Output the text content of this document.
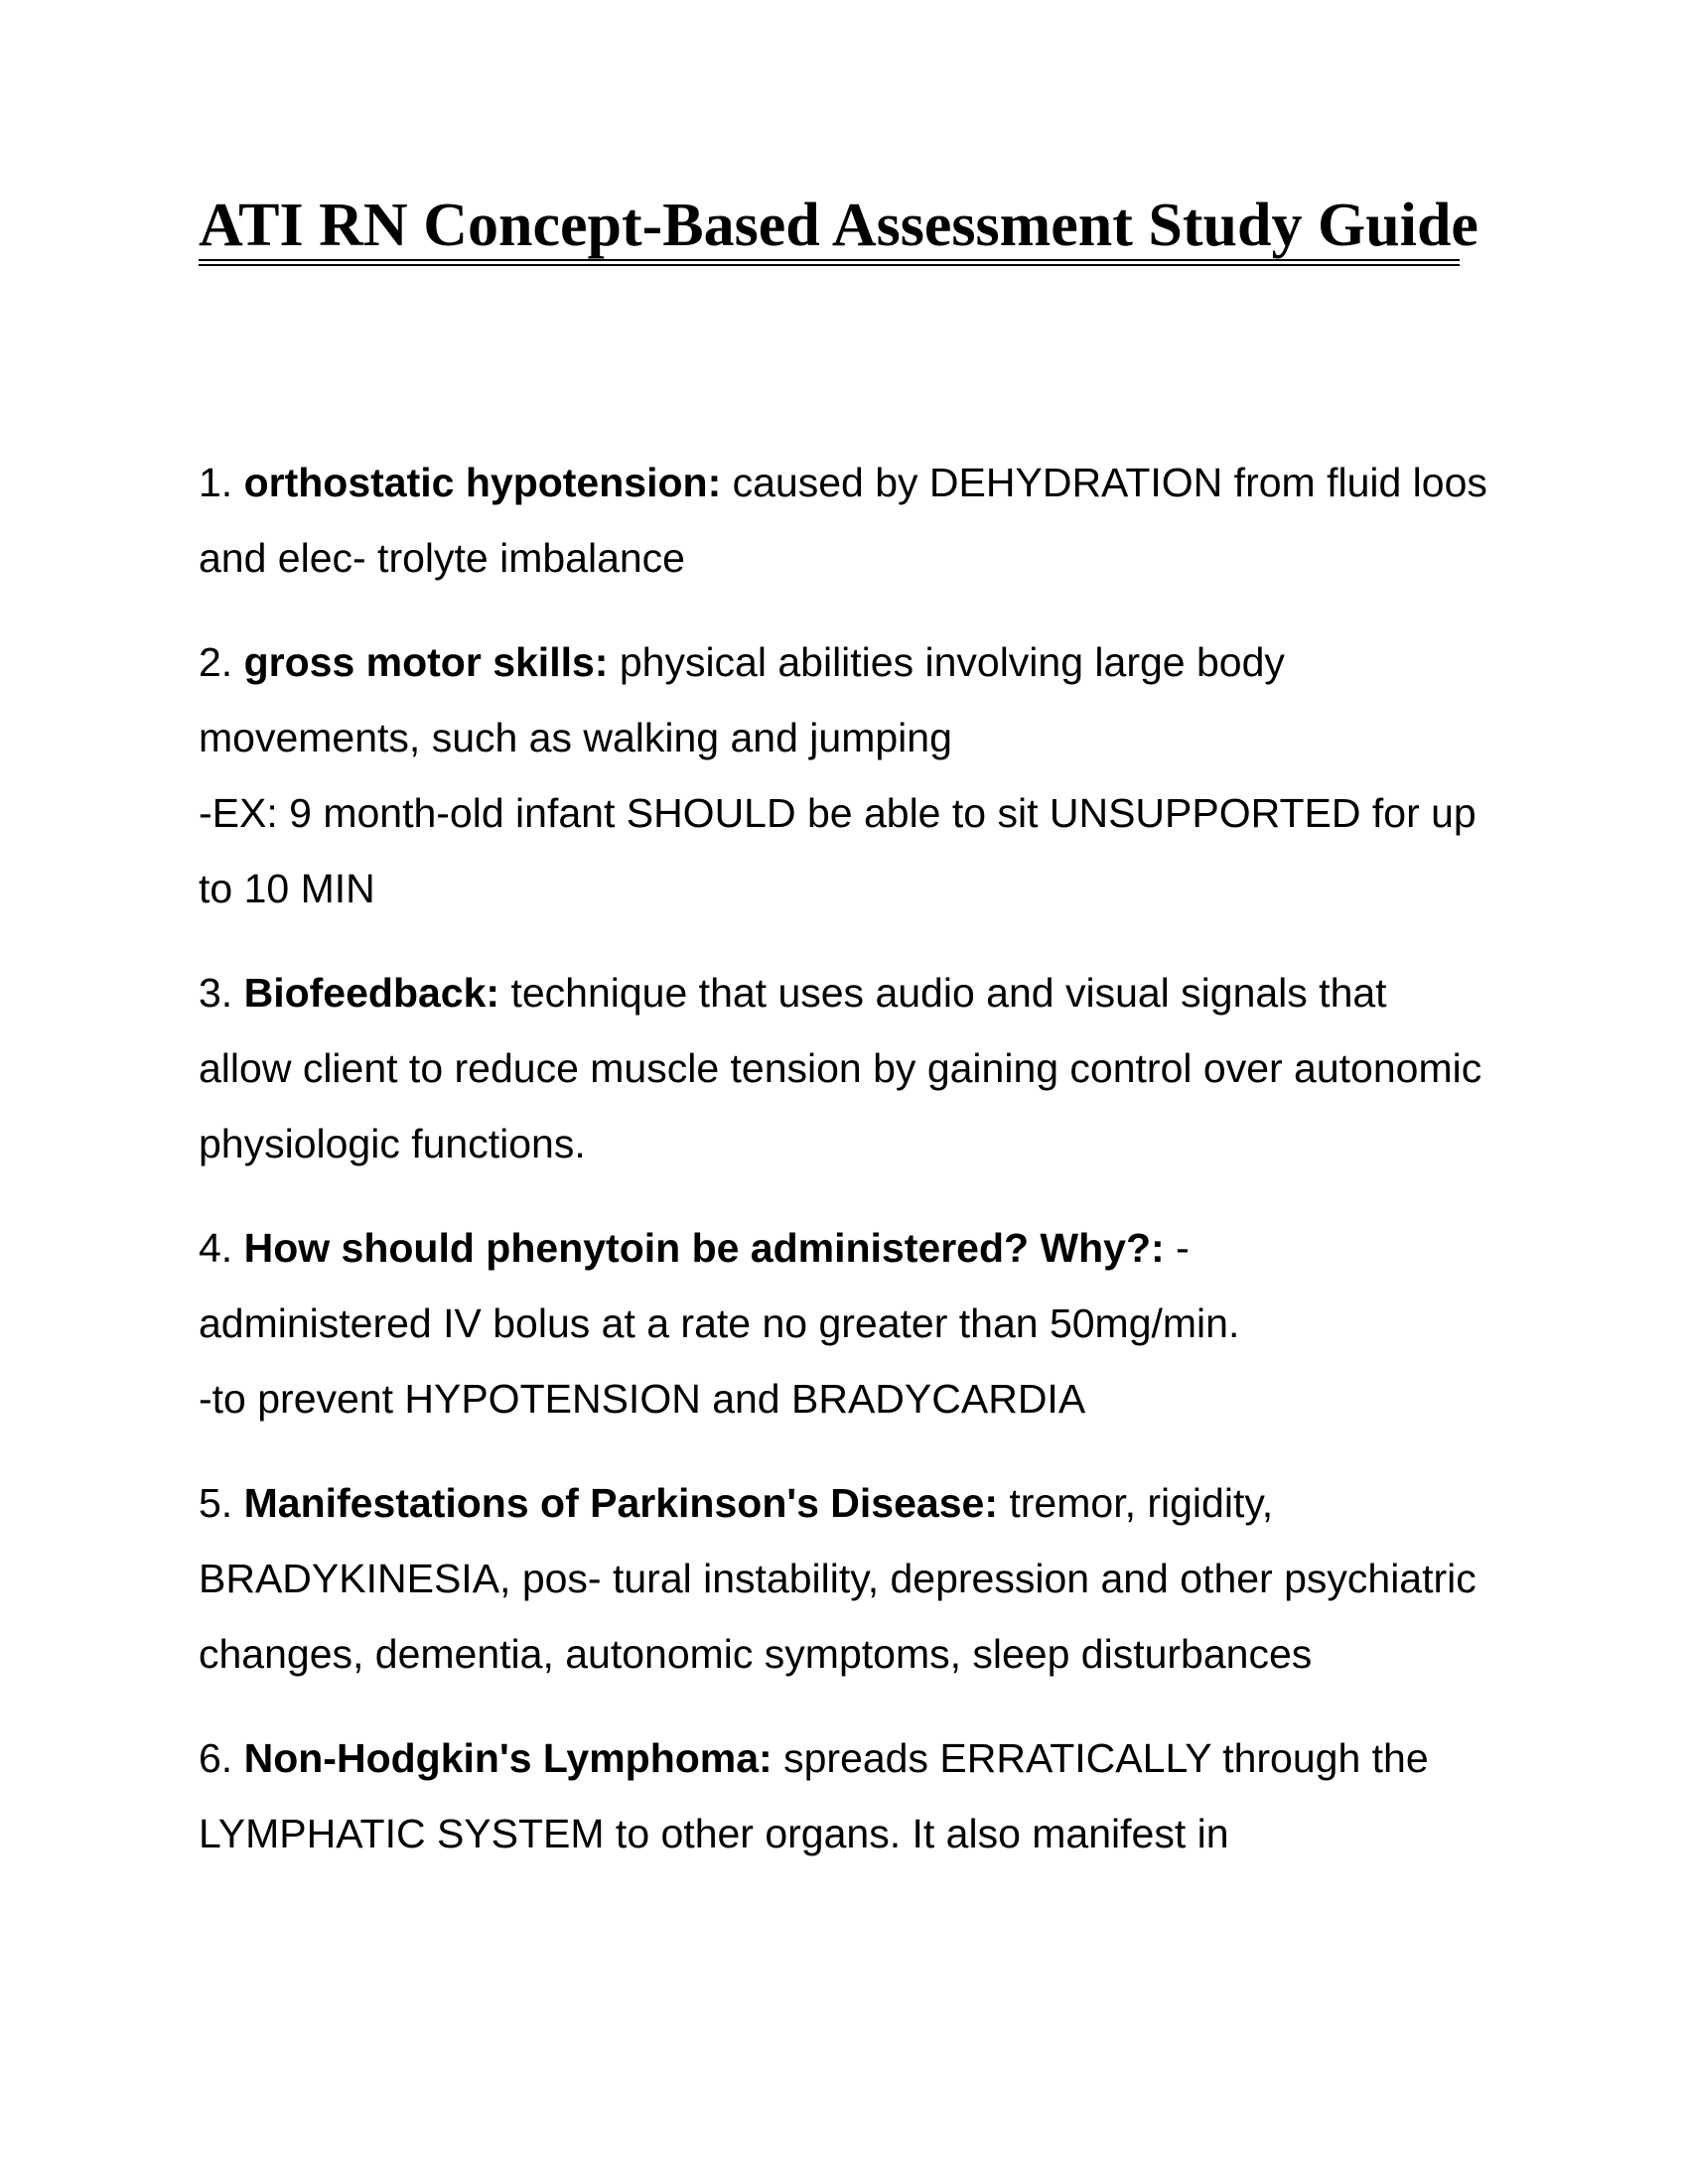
ATI RN Concept-Based Assessment Study Guide

1. orthostatic hypotension: caused by DEHYDRATION from fluid loos and elec- trolyte imbalance

2. gross motor skills: physical abilities involving large body movements, such as walking and jumping

-EX: 9 month-old infant SHOULD be able to sit UNSUPPORTED for up to 10 MIN

3. Biofeedback: technique that uses audio and visual signals that allow client to reduce muscle tension by gaining control over autonomic physiologic functions.

4. How should phenytoin be administered? Why?: -

administered IV bolus at a rate no greater than 50mg/min.

-to prevent HYPOTENSION and BRADYCARDIA

5. Manifestations of Parkinson's Disease: tremor, rigidity, BRADYKINESIA, pos- tural instability, depression and other psychiatric changes, dementia, autonomic symptoms, sleep disturbances

6. Non-Hodgkin's Lymphoma: spreads ERRATICALLY through the LYMPHATIC SYSTEM to other organs. It also manifest in
